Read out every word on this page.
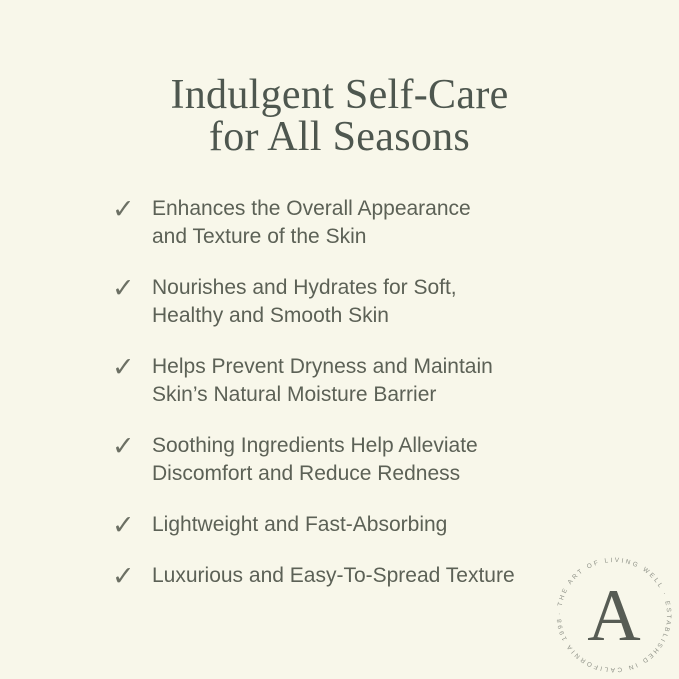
Indulgent Self-Care
for All Seasons
✓ Enhances the Overall Appearance
and Texture of the Skin
✓ Nourishes and Hydrates for Soft,
Healthy and Smooth Skin
✓ Helps Prevent Dryness and Maintain
Skin’s Natural Moisture Barrier
✓ Soothing Ingredients Help Alleviate
Discomfort and Reduce Redness
✓ Lightweight and Fast-Absorbing
✓ Luxurious and Easy-To-Spread Texture
· THE ART OF LIVING WELL · ESTABLISHED IN CALIFORNIA 1998 A
